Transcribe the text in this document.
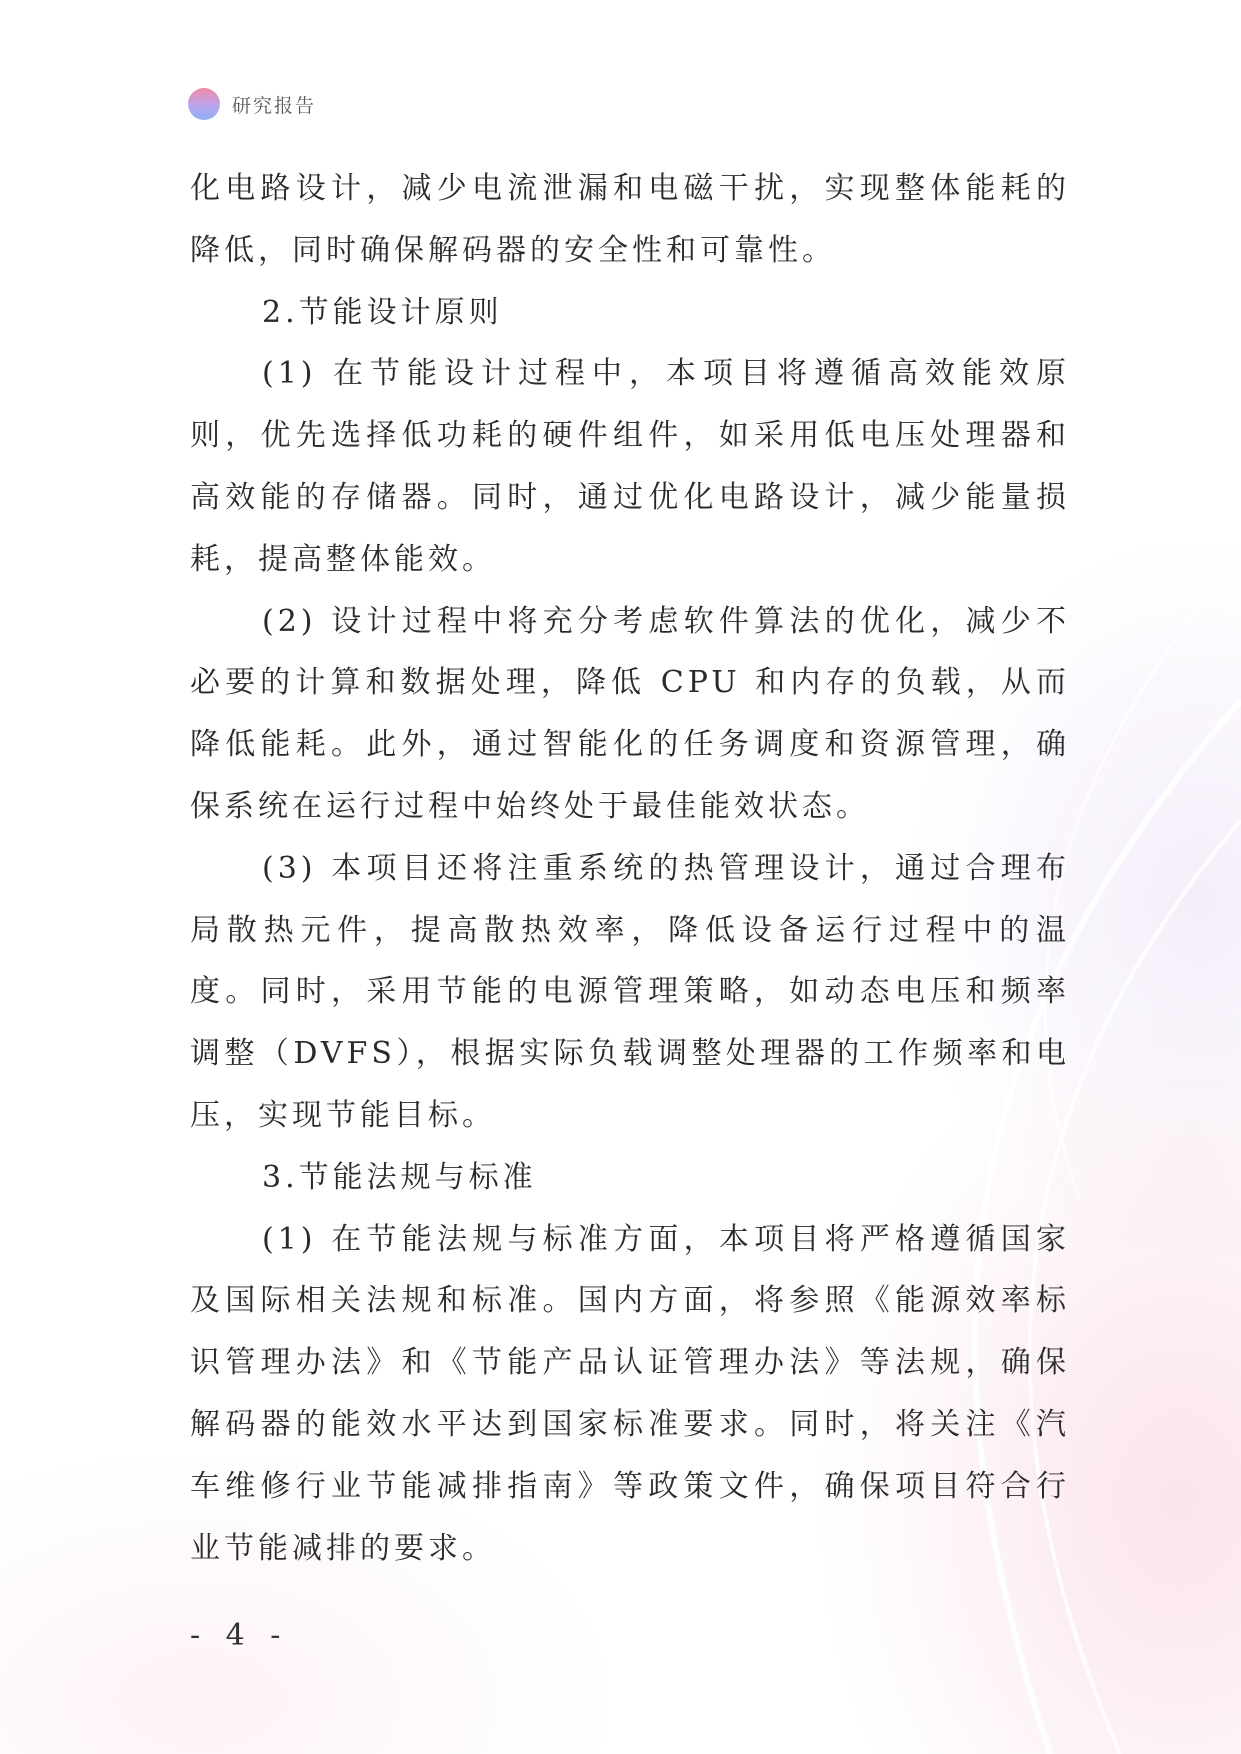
研究报告

化电路设计，减少电流泄漏和电磁干扰，实现整体能耗的降低，同时确保解码器的安全性和可靠性。

2.节能设计原则

(1) 在节能设计过程中，本项目将遵循高效能效原则，优先选择低功耗的硬件组件，如采用低电压处理器和高效能的存储器。同时，通过优化电路设计，减少能量损耗，提高整体能效。

(2) 设计过程中将充分考虑软件算法的优化，减少不必要的计算和数据处理，降低 CPU 和内存的负载，从而降低能耗。此外，通过智能化的任务调度和资源管理，确保系统在运行过程中始终处于最佳能效状态。

(3) 本项目还将注重系统的热管理设计，通过合理布局散热元件，提高散热效率，降低设备运行过程中的温度。同时，采用节能的电源管理策略，如动态电压和频率调整（DVFS），根据实际负载调整处理器的工作频率和电压，实现节能目标。

3.节能法规与标准

(1) 在节能法规与标准方面，本项目将严格遵循国家及国际相关法规和标准。国内方面，将参照《能源效率标识管理办法》和《节能产品认证管理办法》等法规，确保解码器的能效水平达到国家标准要求。同时，将关注《汽车维修行业节能减排指南》等政策文件，确保项目符合行业节能减排的要求。

- 4 -
